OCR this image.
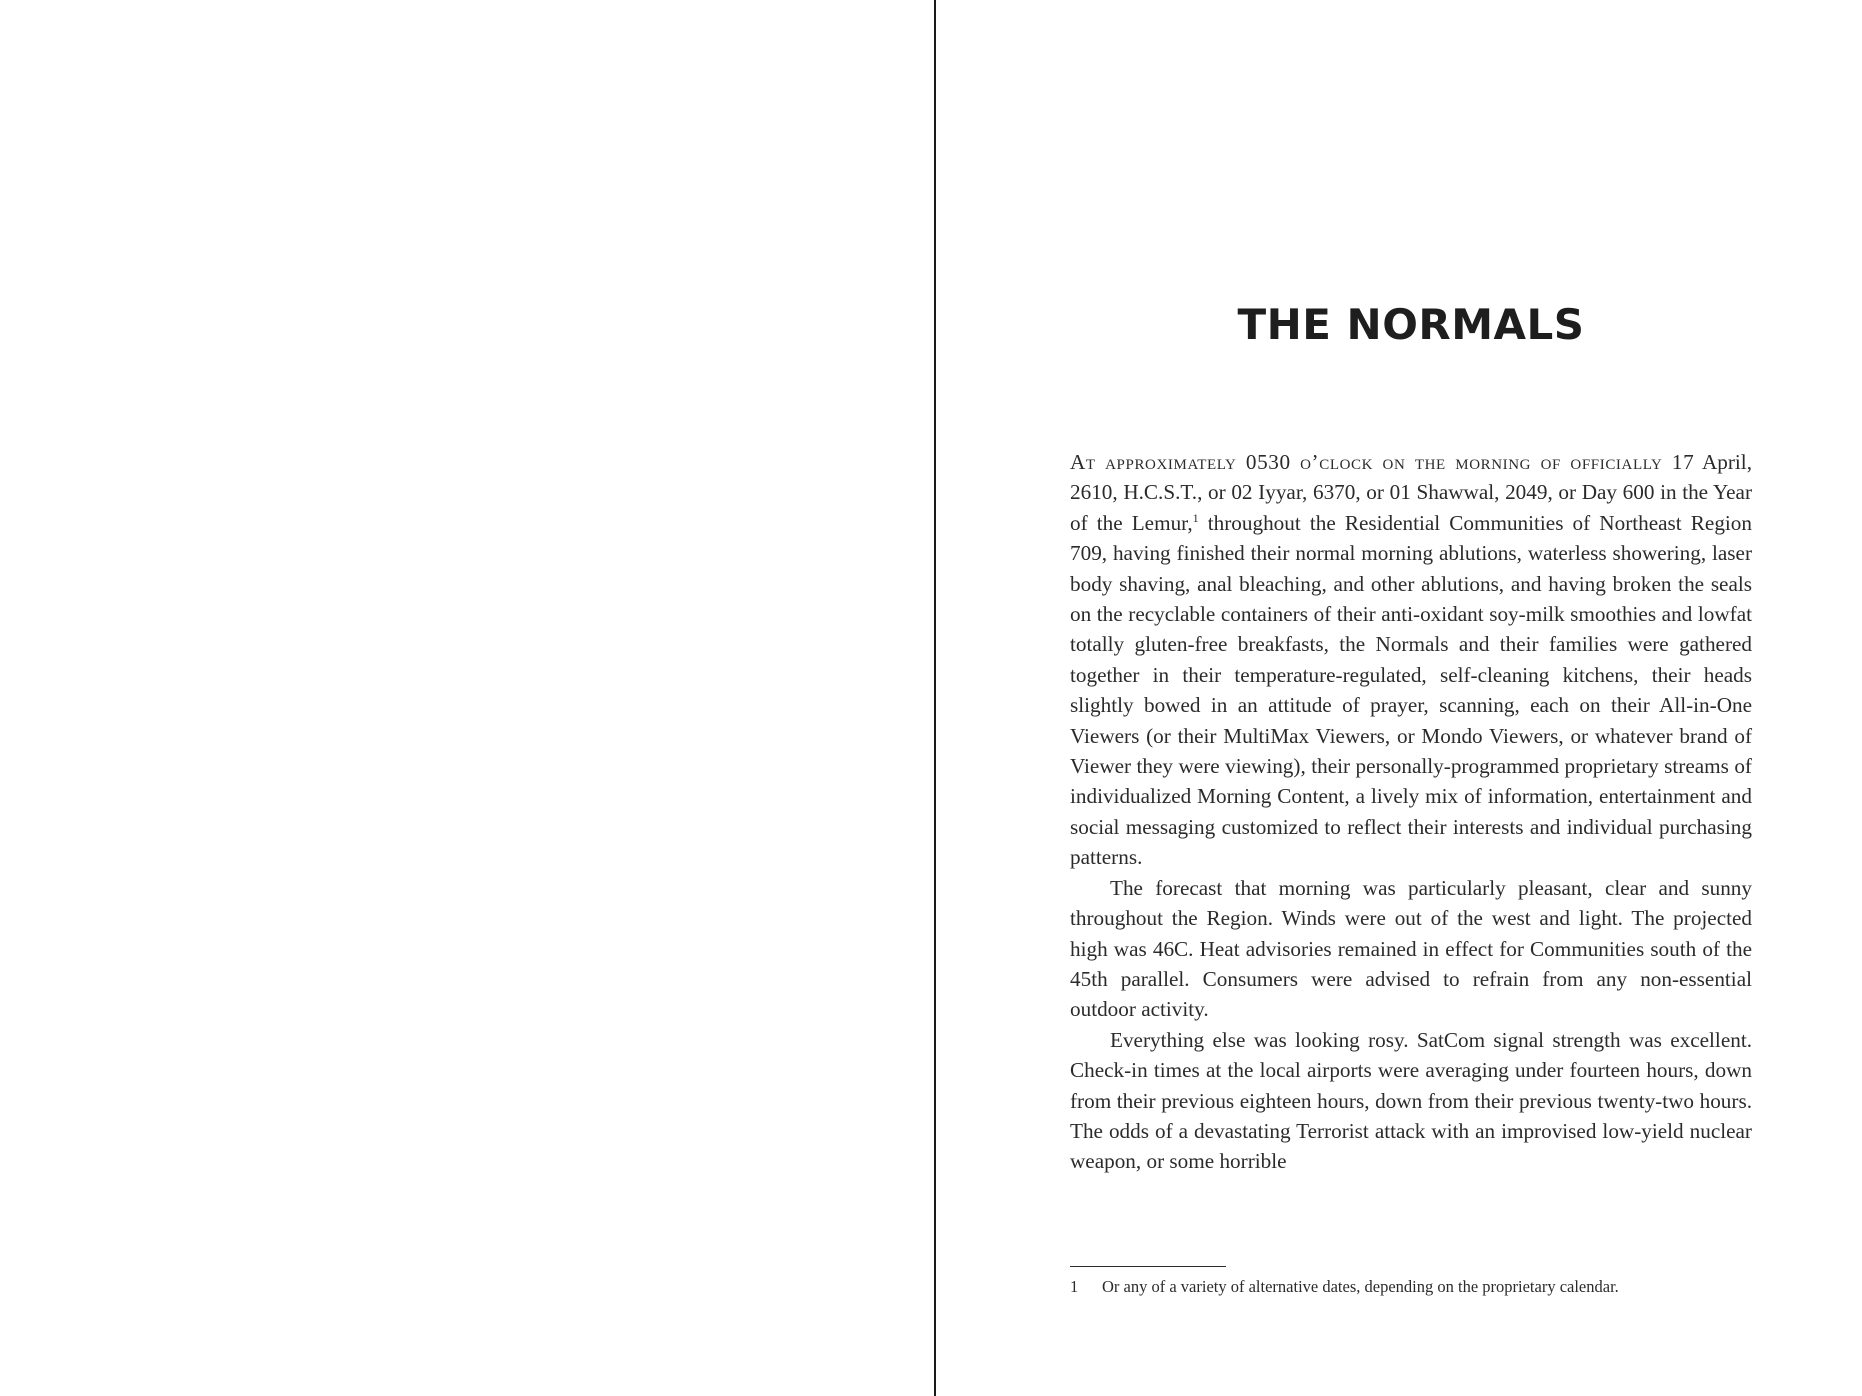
THE NORMALS

At approximately 0530 o’clock on the morning of officially 17 April, 2610, H.C.S.T., or 02 Iyyar, 6370, or 01 Shawwal, 2049, or Day 600 in the Year of the Lemur,$^1$ throughout the Residential Communities of Northeast Region 709, having finished their normal morning ablutions, waterless showering, laser body shaving, anal bleaching, and other ablutions, and having broken the seals on the recyclable containers of their anti-oxidant soy-milk smoothies and lowfat totally gluten-free breakfasts, the Normals and their families were gathered together in their temperature-regulated, self-cleaning kitchens, their heads slightly bowed in an attitude of prayer, scanning, each on their All-in-One Viewers (or their MultiMax Viewers, or Mondo Viewers, or whatever brand of Viewer they were viewing), their personally-programmed proprietary streams of individualized Morning Content, a lively mix of information, entertainment and social messaging customized to reflect their interests and individual purchasing patterns.

The forecast that morning was particularly pleasant, clear and sunny throughout the Region. Winds were out of the west and light. The projected high was 46C. Heat advisories remained in effect for Communities south of the 45th parallel. Consumers were advised to refrain from any non-essential outdoor activity.

Everything else was looking rosy. SatCom signal strength was excellent. Check-in times at the local airports were averaging under fourteen hours, down from their previous eighteen hours, down from their previous twenty-two hours. The odds of a devastating Terrorist attack with an improvised low-yield nuclear weapon, or some horrible

1 Or any of a variety of alternative dates, depending on the proprietary calendar.
